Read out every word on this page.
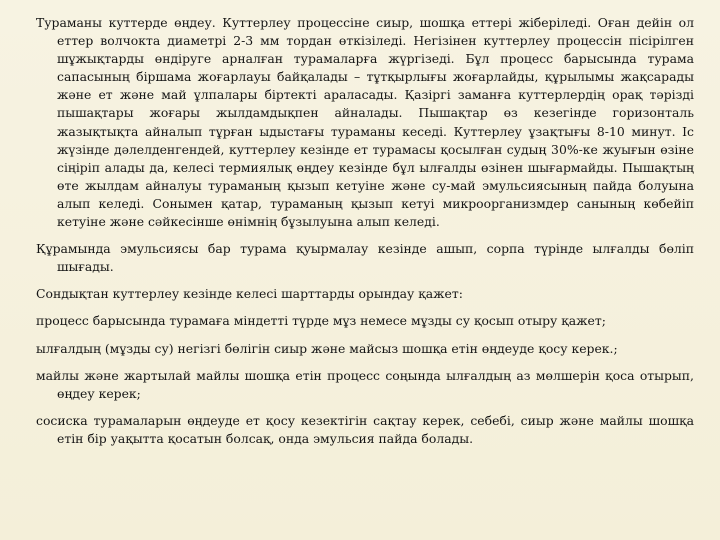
Тураманы куттерде өңдеу. Куттерлеу процессіне сиыр, шошқа еттері жіберіледі. Оған дейін ол еттер волчокта диаметрі 2-3 мм тордан өткізіледі. Негізінен куттерлеу процессін пісірілген шұжықтарды өндіруге арналған турамаларға жүргізеді. Бұл процесс барысында турама сапасының біршама жоғарлауы байқалады – тұтқырлығы жоғарлайды, құрылымы жақсарады және ет және май ұлпалары біртекті араласады. Қазіргі заманға куттерлердің орақ тәрізді пышақтары жоғары жылдамдықпен айналады. Пышақтар өз кезегінде горизонталь жазықтықта айналып тұрған ыдыстағы тураманы кеседі. Куттерлеу ұзақтығы 8-10 минут. Іс жүзінде дәлелденгендей, куттерлеу кезінде ет турамасы қосылған судың 30%-ке жуығын өзіне сіңіріп алады да, келесі термиялық өңдеу кезінде бұл ылғалды өзінен шығармайды. Пышақтың өте жылдам айналуы тураманың қызып кетуіне және су-май эмульсиясының пайда болуына алып келеді. Сонымен қатар, тураманың қызып кетуі микроорганизмдер санының көбейіп кетуіне және сәйкесінше өнімнің бұзылуына алып келеді.

Құрамында эмульсиясы бар турама қуырмалау кезінде ашып, сорпа түрінде ылғалды бөліп шығады.

Сондықтан куттерлеу кезінде келесі шарттарды орындау қажет:

процесс барысында турамаға міндетті түрде мұз немесе мұзды су қосып отыру қажет;

ылғалдың (мұзды су) негізгі бөлігін сиыр және майсыз шошқа етін өңдеуде қосу керек.;

майлы және жартылай майлы шошқа етін процесс соңында ылғалдың аз мөлшерін қоса отырып, өңдеу керек;

сосиска турамаларын өңдеуде ет қосу кезектігін сақтау керек, себебі, сиыр және майлы шошқа етін бір уақытта қосатын болсақ, онда эмульсия пайда болады.
